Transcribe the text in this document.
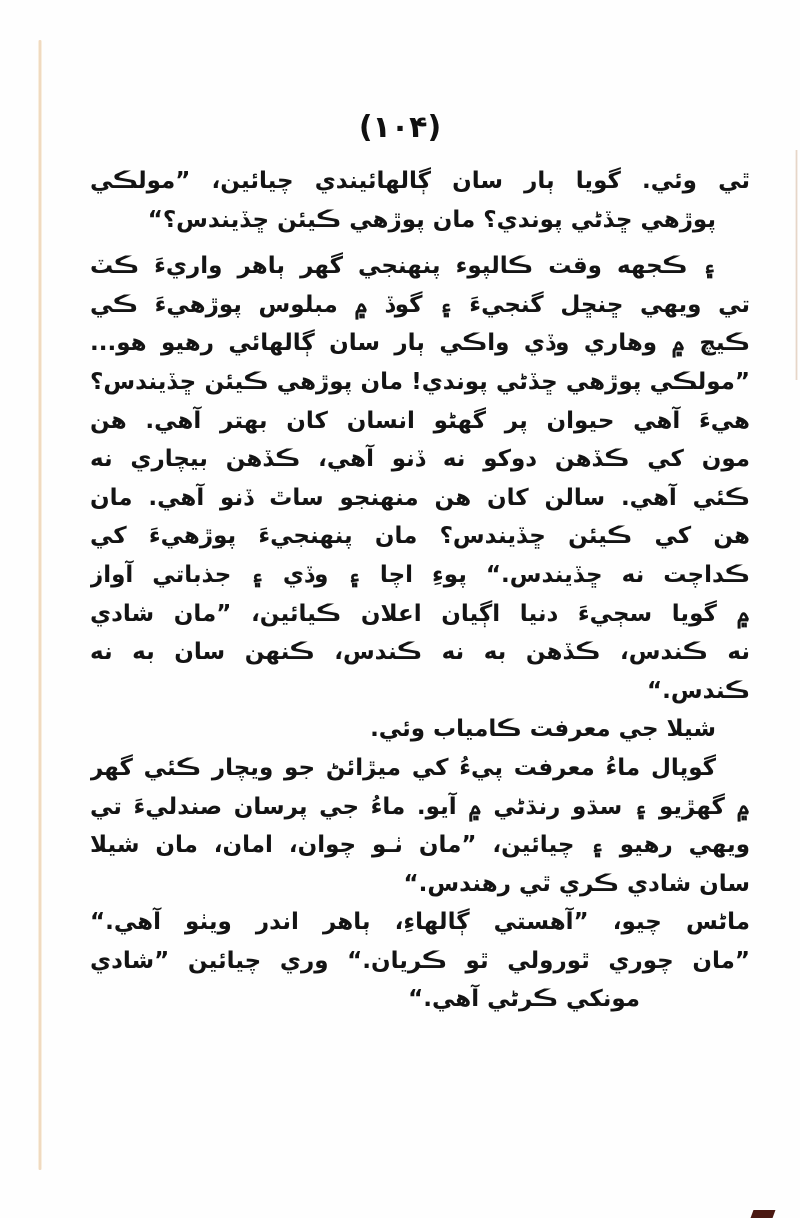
(١٠۴)
ٿي وئي. گويا ٻار سان ڳالهائيندي چيائين، ”مولڪي
پوڙهي ڇڏڻي پوندي؟ مان پوڙهي ڪيئن ڇڏيندس؟“
۽ ڪجهه وقت ڪالپوء پنهنجي گهر ٻاهر واريءَ ڪٽ
تي ويهي ڇنڇل گنجيءَ ۽ گوڏ ۾ مبلوس پوڙهيءَ ڪي
ڪيچ ۾ وهاري وڏي واڪي ٻار سان ڳالهائي رهيو هو...
”مولڪي پوڙهي ڇڏڻي پوندي! مان پوڙهي ڪيئن ڇڏيندس؟
هيءَ آهي حيوان پر گهڻو انسان کان بهتر آهي. هن
مون کي ڪڏهن دوکو نه ڏنو آهي، ڪڏهن بيچاري نه
ڪئي آهي. سالن کان هن منهنجو ساٿ ڏنو آهي. مان
هن کي ڪيئن ڇڏيندس؟ مان پنهنجيءَ پوڙهيءَ کي
ڪداچت نه ڇڏيندس.“ پوءِ اچا ۽ وڏي ۽ جذباتي آواز
۾ گويا سڄيءَ دنيا اڳيان اعلان ڪيائين، ”مان شادي
نه ڪندس، ڪڏهن به نه ڪندس، ڪنهن سان به نه
ڪندس.“
شيلا جي معرفت ڪامياب وئي.
گوپال ماءُ معرفت پيءُ کي ميڙائڻ جو ويچار ڪئي گهر
۾ گهڙيو ۽ سڌو رنڌڻي ۾ آيو. ماءُ جي پرسان صندليءَ تي
ويهي رهيو ۽ چيائين، ”مان ٺـو چوان، امان، مان شيلا
سان شادي ڪري ٿي رهندس.“
ماڻس چيو، ”آهستي ڳالهاءِ، ٻاهر اندر ويٺو آهي.“
”مان چوري ٿورولي ٿو ڪريان.“ وري چيائين ”شادي
مونکي ڪرڻي آهي.“
